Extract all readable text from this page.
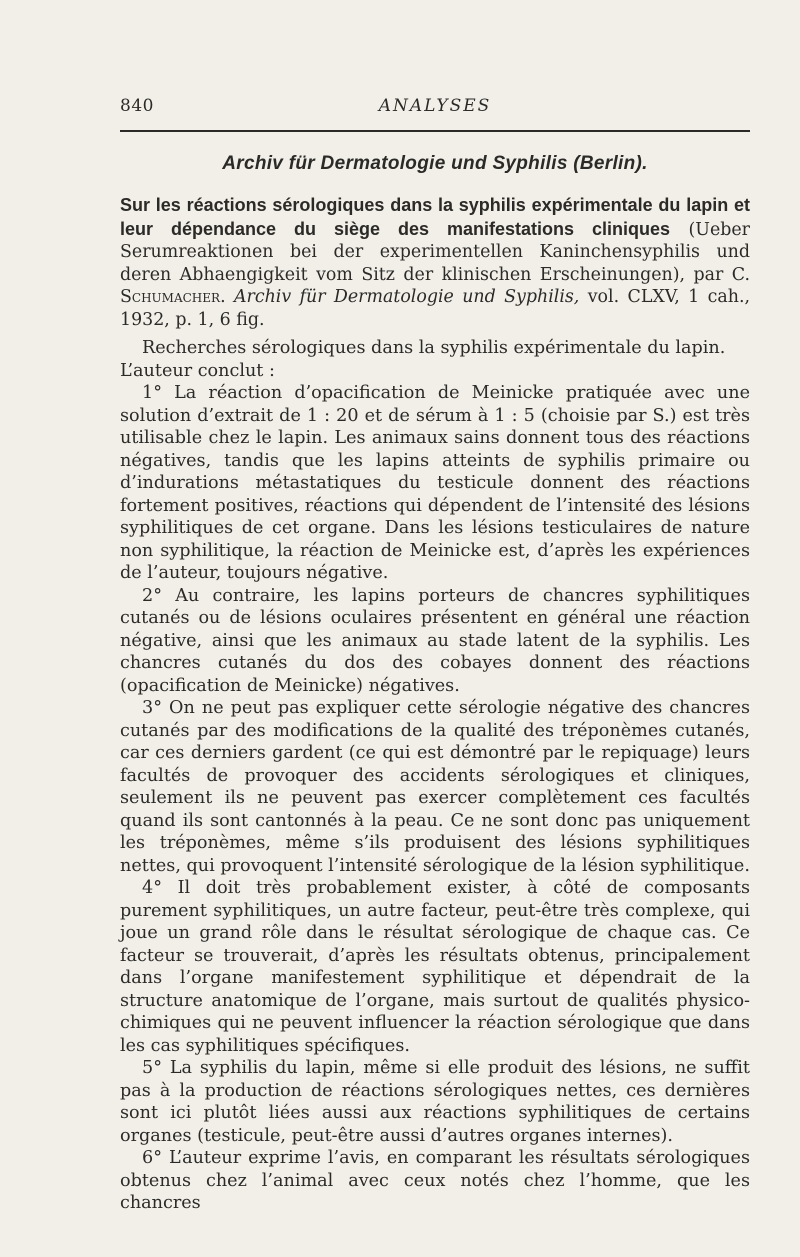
840	ANALYSES
Archiv für Dermatologie und Syphilis (Berlin).

Sur les réactions sérologiques dans la syphilis expérimentale du lapin et leur dépendance du siège des manifestations cliniques (Ueber Serumreaktionen bei der experimentellen Kaninchensyphilis und deren Abhaengigkeit vom Sitz der klinischen Erscheinungen), par C. Schumacher. Archiv für Dermatologie und Syphilis, vol. CLXV, 1 cah., 1932, p. 1, 6 fig.

Recherches sérologiques dans la syphilis expérimentale du lapin.

L’auteur conclut :

1° La réaction d’opacification de Meinicke pratiquée avec une solution d’extrait de 1 : 20 et de sérum à 1 : 5 (choisie par S.) est très utilisable chez le lapin. Les animaux sains donnent tous des réactions négatives, tandis que les lapins atteints de syphilis primaire ou d’indurations métastatiques du testicule donnent des réactions fortement positives, réactions qui dépendent de l’intensité des lésions syphilitiques de cet organe. Dans les lésions testiculaires de nature non syphilitique, la réaction de Meinicke est, d’après les expériences de l’auteur, toujours négative.

2° Au contraire, les lapins porteurs de chancres syphilitiques cutanés ou de lésions oculaires présentent en général une réaction négative, ainsi que les animaux au stade latent de la syphilis. Les chancres cutanés du dos des cobayes donnent des réactions (opacification de Meinicke) négatives.

3° On ne peut pas expliquer cette sérologie négative des chancres cutanés par des modifications de la qualité des tréponèmes cutanés, car ces derniers gardent (ce qui est démontré par le repiquage) leurs facultés de provoquer des accidents sérologiques et cliniques, seulement ils ne peuvent pas exercer complètement ces facultés quand ils sont cantonnés à la peau. Ce ne sont donc pas uniquement les tréponèmes, même s’ils produisent des lésions syphilitiques nettes, qui provoquent l’intensité sérologique de la lésion syphilitique.

4° Il doit très probablement exister, à côté de composants purement syphilitiques, un autre facteur, peut-être très complexe, qui joue un grand rôle dans le résultat sérologique de chaque cas. Ce facteur se trouverait, d’après les résultats obtenus, principalement dans l’organe manifestement syphilitique et dépendrait de la structure anatomique de l’organe, mais surtout de qualités physico-chimiques qui ne peuvent influencer la réaction sérologique que dans les cas syphilitiques spécifiques.

5° La syphilis du lapin, même si elle produit des lésions, ne suffit pas à la production de réactions sérologiques nettes, ces dernières sont ici plutôt liées aussi aux réactions syphilitiques de certains organes (testicule, peut-être aussi d’autres organes internes).

6° L’auteur exprime l’avis, en comparant les résultats sérologiques obtenus chez l’animal avec ceux notés chez l’homme, que les chancres
